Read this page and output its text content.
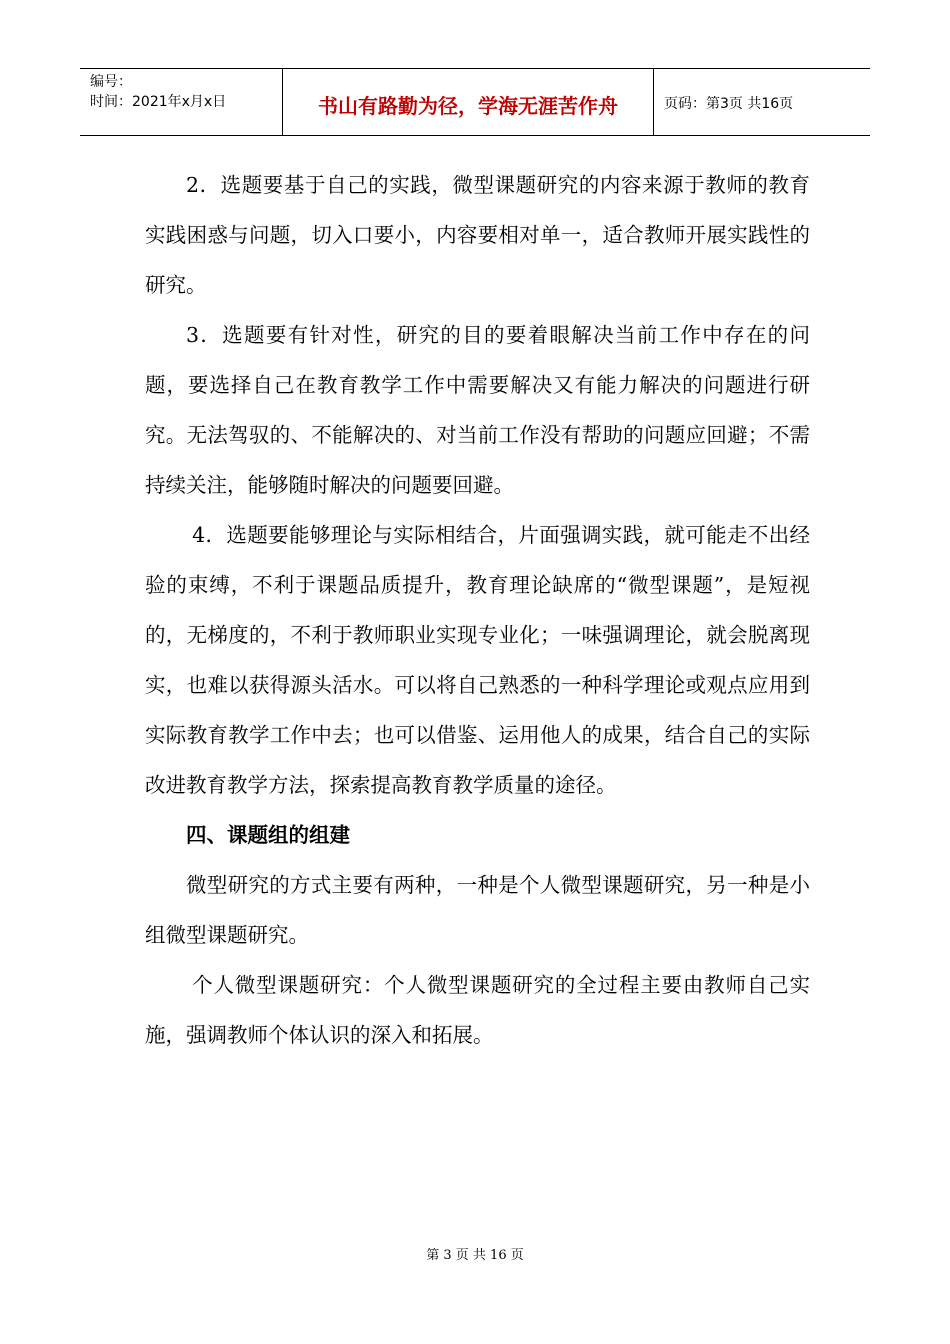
编号：
时间：2021年x月x日	书山有路勤为径，学海无涯苦作舟	页码：第3页 共16页

2．选题要基于自己的实践，微型课题研究的内容来源于教师的教育实践困惑与问题，切入口要小，内容要相对单一，适合教师开展实践性的研究。

3．选题要有针对性，研究的目的要着眼解决当前工作中存在的问题，要选择自己在教育教学工作中需要解决又有能力解决的问题进行研究。无法驾驭的、不能解决的、对当前工作没有帮助的问题应回避；不需持续关注，能够随时解决的问题要回避。

4．选题要能够理论与实际相结合，片面强调实践，就可能走不出经验的束缚，不利于课题品质提升，教育理论缺席的“微型课题”，是短视的，无梯度的，不利于教师职业实现专业化；一味强调理论，就会脱离现实，也难以获得源头活水。可以将自己熟悉的一种科学理论或观点应用到实际教育教学工作中去；也可以借鉴、运用他人的成果，结合自己的实际改进教育教学方法，探索提高教育教学质量的途径。

四、课题组的组建

微型研究的方式主要有两种，一种是个人微型课题研究，另一种是小组微型课题研究。

个人微型课题研究：个人微型课题研究的全过程主要由教师自己实施，强调教师个体认识的深入和拓展。

第 3 页 共 16 页
